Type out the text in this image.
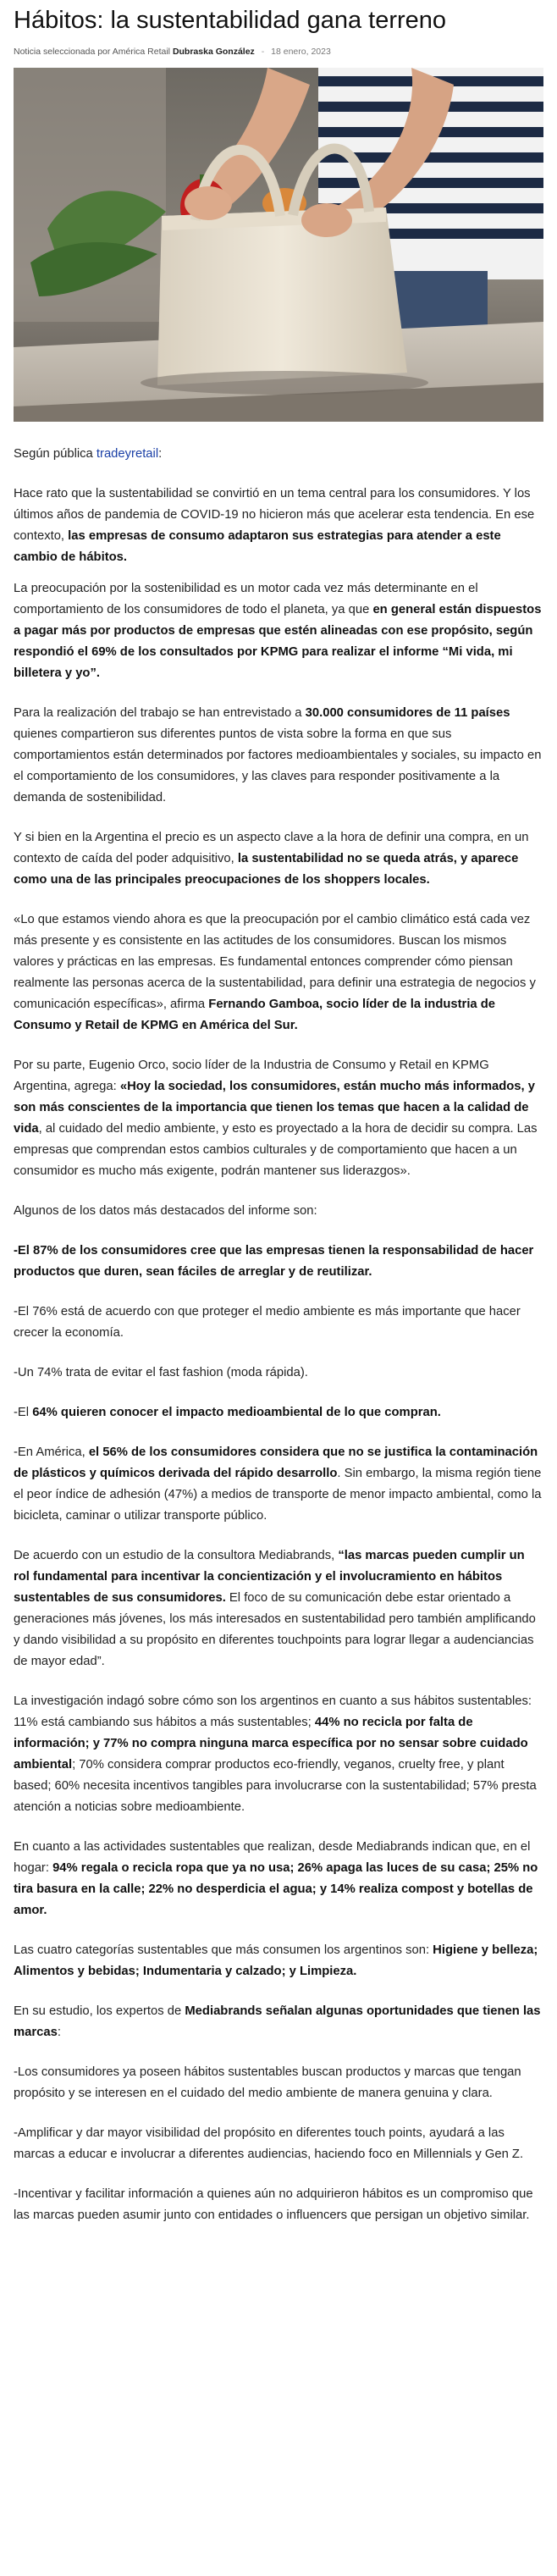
Hábitos: la sustentabilidad gana terreno
Noticia seleccionada por América Retail Dubraska González - 18 enero, 2023

Según pública tradeyretail:

Hace rato que la sustentabilidad se convirtió en un tema central para los consumidores. Y los últimos años de pandemia de COVID-19 no hicieron más que acelerar esta tendencia. En ese contexto, las empresas de consumo adaptaron sus estrategias para atender a este cambio de hábitos.

La preocupación por la sostenibilidad es un motor cada vez más determinante en el comportamiento de los consumidores de todo el planeta, ya que en general están dispuestos a pagar más por productos de empresas que estén alineadas con ese propósito, según respondió el 69% de los consultados por KPMG para realizar el informe “Mi vida, mi billetera y yo”.

Para la realización del trabajo se han entrevistado a 30.000 consumidores de 11 países quienes compartieron sus diferentes puntos de vista sobre la forma en que sus comportamientos están determinados por factores medioambientales y sociales, su impacto en el comportamiento de los consumidores, y las claves para responder positivamente a la demanda de sostenibilidad.

Y si bien en la Argentina el precio es un aspecto clave a la hora de definir una compra, en un contexto de caída del poder adquisitivo, la sustentabilidad no se queda atrás, y aparece como una de las principales preocupaciones de los shoppers locales.

«Lo que estamos viendo ahora es que la preocupación por el cambio climático está cada vez más presente y es consistente en las actitudes de los consumidores. Buscan los mismos valores y prácticas en las empresas. Es fundamental entonces comprender cómo piensan realmente las personas acerca de la sustentabilidad, para definir una estrategia de negocios y comunicación específicas», afirma Fernando Gamboa, socio líder de la industria de Consumo y Retail de KPMG en América del Sur.

Por su parte, Eugenio Orco, socio líder de la Industria de Consumo y Retail en KPMG Argentina, agrega: «Hoy la sociedad, los consumidores, están mucho más informados, y son más conscientes de la importancia que tienen los temas que hacen a la calidad de vida, al cuidado del medio ambiente, y esto es proyectado a la hora de decidir su compra. Las empresas que comprendan estos cambios culturales y de comportamiento que hacen a un consumidor es mucho más exigente, podrán mantener sus liderazgos».

Algunos de los datos más destacados del informe son:

-El 87% de los consumidores cree que las empresas tienen la responsabilidad de hacer productos que duren, sean fáciles de arreglar y de reutilizar.

-El 76% está de acuerdo con que proteger el medio ambiente es más importante que hacer crecer la economía.

-Un 74% trata de evitar el fast fashion (moda rápida).

-El 64% quieren conocer el impacto medioambiental de lo que compran.

-En América, el 56% de los consumidores considera que no se justifica la contaminación de plásticos y químicos derivada del rápido desarrollo. Sin embargo, la misma región tiene el peor índice de adhesión (47%) a medios de transporte de menor impacto ambiental, como la bicicleta, caminar o utilizar transporte público.

De acuerdo con un estudio de la consultora Mediabrands, “las marcas pueden cumplir un rol fundamental para incentivar la concientización y el involucramiento en hábitos sustentables de sus consumidores. El foco de su comunicación debe estar orientado a generaciones más jóvenes, los más interesados en sustentabilidad pero también amplificando y dando visibilidad a su propósito en diferentes touchpoints para lograr llegar a audenciancias de mayor edad”.

La investigación indagó sobre cómo son los argentinos en cuanto a sus hábitos sustentables: 11% está cambiando sus hábitos a más sustentables; 44% no recicla por falta de información; y 77% no compra ninguna marca específica por no sensar sobre cuidado ambiental; 70% considera comprar productos eco-friendly, veganos, cruelty free, y plant based; 60% necesita incentivos tangibles para involucrarse con la sustentabilidad; 57% presta atención a noticias sobre medioambiente.

En cuanto a las actividades sustentables que realizan, desde Mediabrands indican que, en el hogar: 94% regala o recicla ropa que ya no usa; 26% apaga las luces de su casa; 25% no tira basura en la calle; 22% no desperdicia el agua; y 14% realiza compost y botellas de amor.

Las cuatro categorías sustentables que más consumen los argentinos son: Higiene y belleza; Alimentos y bebidas; Indumentaria y calzado; y Limpieza.

En su estudio, los expertos de Mediabrands señalan algunas oportunidades que tienen las marcas:

-Los consumidores ya poseen hábitos sustentables buscan productos y marcas que tengan propósito y se interesen en el cuidado del medio ambiente de manera genuina y clara.

-Amplificar y dar mayor visibilidad del propósito en diferentes touch points, ayudará a las marcas a educar e involucrar a diferentes audiencias, haciendo foco en Millennials y Gen Z.

-Incentivar y facilitar información a quienes aún no adquirieron hábitos es un compromiso que las marcas pueden asumir junto con entidades o influencers que persigan un objetivo similar.
